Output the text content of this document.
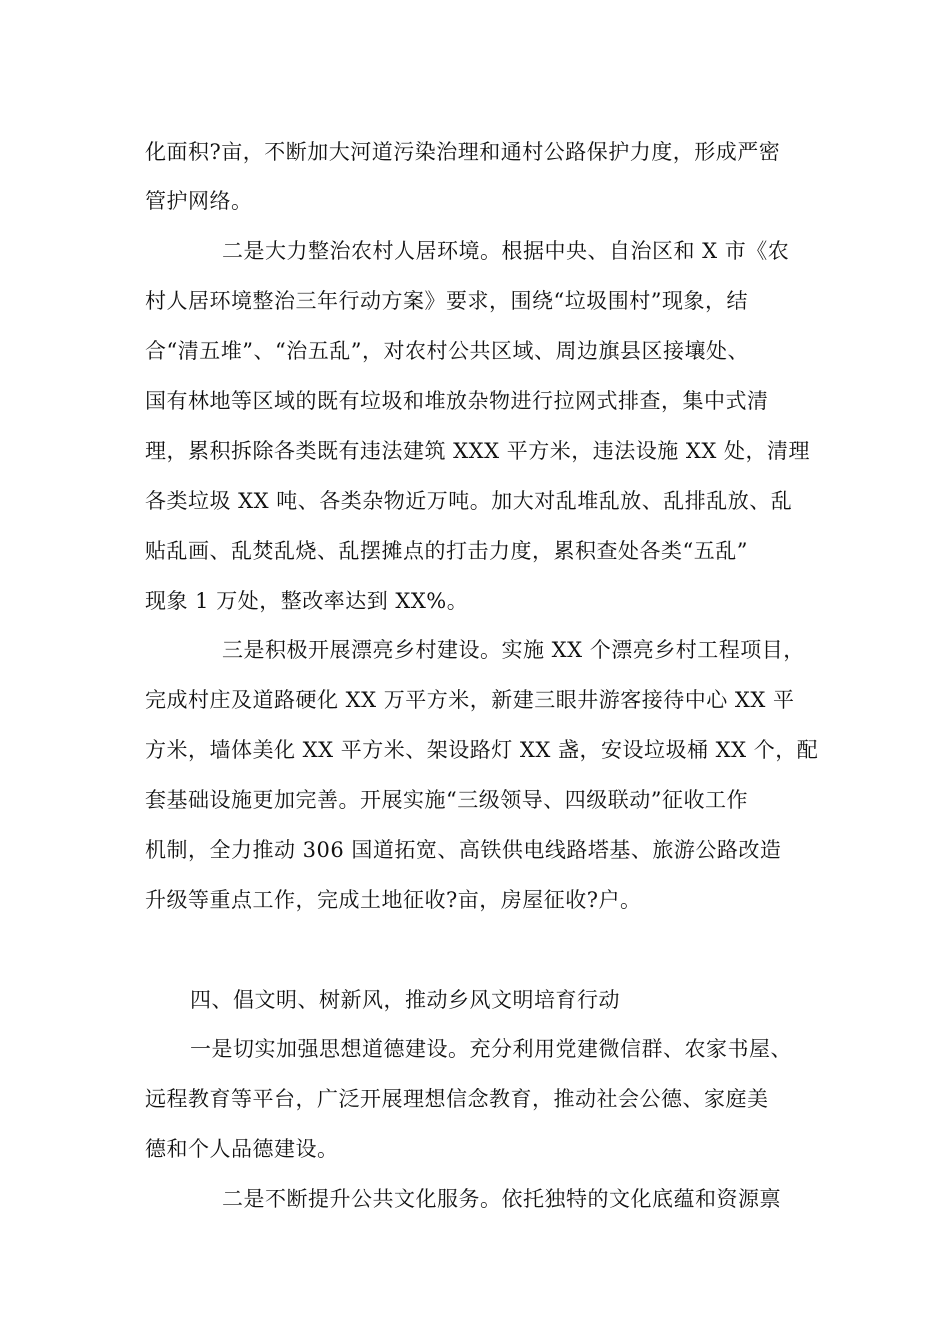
化面积?亩，不断加大河道污染治理和通村公路保护力度，形成严密
管护网络。
二是大力整治农村人居环境。根据中央、自治区和 X 市《农
村人居环境整治三年行动方案》要求，围绕“垃圾围村”现象，结
合“清五堆”、“治五乱”，对农村公共区域、周边旗县区接壤处、
国有林地等区域的既有垃圾和堆放杂物进行拉网式排查，集中式清
理，累积拆除各类既有违法建筑 XXX 平方米，违法设施 XX 处，清理
各类垃圾 XX 吨、各类杂物近万吨。加大对乱堆乱放、乱排乱放、乱
贴乱画、乱焚乱烧、乱摆摊点的打击力度，累积查处各类“五乱”
现象 1 万处，整改率达到 XX%。
三是积极开展漂亮乡村建设。实施 XX 个漂亮乡村工程项目，
完成村庄及道路硬化 XX 万平方米，新建三眼井游客接待中心 XX 平
方米，墙体美化 XX 平方米、架设路灯 XX 盏，安设垃圾桶 XX 个，配
套基础设施更加完善。开展实施“三级领导、四级联动”征收工作
机制，全力推动 306 国道拓宽、高铁供电线路塔基、旅游公路改造
升级等重点工作，完成土地征收?亩，房屋征收?户。
四、倡文明、树新风，推动乡风文明培育行动
一是切实加强思想道德建设。充分利用党建微信群、农家书屋、
远程教育等平台，广泛开展理想信念教育，推动社会公德、家庭美
德和个人品德建设。
二是不断提升公共文化服务。依托独特的文化底蕴和资源禀
